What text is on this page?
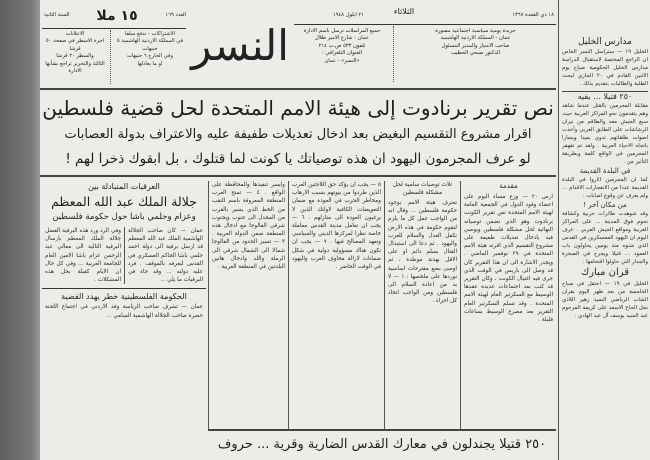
السنة الثانية	١٥ ملا	العدد ١٦٩
الاعلانات
اجرة الاسطر في صفحة ٥٠ قرشا
والسطر ٢٠ قرشا
الثالثة والتحرير تراجع بشأنها الادارة
الاشتراكات - تدفع سلفا
في المملكة الاردنية الهاشمية ٥ جنيهات
وفي الخارج ٦ جنيهات
او ما يعادلها النسر
٢١ ايلول ١٩٤٨	الثلاثاء	١٨ ذي القعدة ١٣٦٧
جميع المراسلات ترسل باسم الادارة
عمان : شارع الامير طلال
تلفون ٥٣٣ ص.ب ٢١٤
العنوان التلغرافي :
«النسر» - عمان
جريدة يومية سياسية اجتماعية مصورة
عمان - المملكة الاردنية الهاشمية
صاحب الامتياز والمدير المسئول
الدكتور صبحي الخطيب
نص تقرير برنادوت إلى هيئة الامم المتحدة لحل قضية فلسطين
اقرار مشروع التقسيم البغيض بعد ادخال تعديلات طفيفة عليه والاعتراف بدولة العصابات
لو عرف المجرمون اليهود ان هذه توصياتك يا كونت لما قتلوك ، بل ابقوك ذخرا لهم !
مقدمة
ارس ٢٠ — وزع مساء اليوم على اعضاء وفود الدول في الجمعية العامة لهيئة الامم المتحدة نص تقرير الكونت برنادوت وهو الذي تضمن توصياته النهائية لحل مشكلة فلسطين ويوصي فيه بادخال تعديلات طفيفة على مشروع التقسيم الذي اقرته هيئة الامم المتحدة في ٢٩ نوفمبر الماضي . ويجدر الاشارة الى ان هذا التقرير كان قد وصل الى باريس في الوقت الذي جرى فيه اغتيال الكونت ، وكان التقرير قد كتب بعد اجتماعات عديدة عقدها الوسيط مع السكرتير العام لهيئة الامم المتحدة . وقد تسلم السكرتير العام التقرير بعد مصرع الوسيط بساعات قليلة .
ثلاث توصيات سامية لحل مشكلة فلسطين
تعترف هيئة الامم بوجود حكومة فلسطين ... وقال انه من الواجب عمل كل ما يلزم لتقوم حكومة في هذه الارض تكفل العدل والسلام للعرب واليهود . ثم دعا الى استبدال القتال بسلم دائم او على الاقل بهدنة موطدة ، ثم اوصى بضع مقترحات اساسية نوردها على ملخصها : ١ — لا بد من اعادة السلام الى فلسطين ومن الواجب اتخاذ كل اجراء .
٥ — يجب ان يؤكد حق اللاجئين العرب الذين طردوا من بيوتهم بسبب الارهاب ومخاطر الحرب في العودة مع ضمان التعويضات الكافية لاولئك الذين لا يرغبون العودة الى منازلهم . ٦ — يجب ان تعامل مدينة القدس معاملة خاصة نظرا لمركزها الديني والسياسي وتعهد المصالح فيها . ٧ — يجب ان تكون هناك مسؤولية دولية في شكل ضمانات لازالة مخاوف العرب واليهود في الوقت الحاضر .
وايسر تنفيذها والمحافظة على الواقع . ٤ — تمنح العرب المنطقة المعروفة باسم النقب من الخط الذي يسير بالقرب من المجدل الى جنوب ويجنوب شرقي الفالوجا مع ادخال هذه المنطقة ضمن الدولة العربية . ٣ — تسير الحدود من الفالوجا شمالا الى الشمال شرقي الى الرملة واللد وادخال هاتين البلدتين في المنطقة العربية .
٢٥٠ قتيلا يجندلون في معارك القدس الضارية وقرية ... حروف
العرقيات المتبادلة بين
جلالة الملك عبد الله المعظم
وعزام وحلمي باشا حول حكومة فلسطين
عمان — كان صاحب الجلالة الهاشمية الملك عبد الله المعظم قد ارسل برقية الى دولة احمد حلمي باشا الحاكم العسكري في القدس ليعرفه بالموقف . فرد عليه دولته ... وقد جاء في البرقيات ما يلي ...
وفي الرد ورد هذه البرقية الفضل جلالة الملك المعظم بارسال البرقية التالية الى معالي عبد الرحمن عزام باشا الامين العام للجامعة العربية ... وفي كل حال ان الايام كفيلة بحل هذه المشكلات .
الحكومة الفلسطينية خطر يهدد القضية
عمان — تشرف صاحب الرياسة وفد الاردني في اجتماع اللجنة حضرة صاحب الجلالة الهاشمية السامي ...
مدارس الخليل
الخليل ١٩ — ستراسل النسر الخاص ان الراجع المختصة لاستقبال الدراسة مدارس الخليل الحكومية صباح يوم الاثنين القادم في ٢٠ الجاري ليحث الطلبة والطالبات بتقديم بذلك .
٢٥٠ قتيلا ... بقيه
مقابلة المجرمين بالقتل عندما شاهد وهم يتقدمون نحو المراكز العربية حيث سبع الجيش معه والطاقم من نيران الرشاشات على الطابق العربي وأخذت اصوات طلقاتهم تدوي يمينا ويسارا باتجاه الاحياء العربية . ولقد تم تقهقر المجرمين في الواقع كلمة وبطريقة التأثير من .
في البلدة القديمة
كما ان المجرمين اثاروا في البلدة القديمة عددا من الانفجارات الاقدام ... ولم يعرف عن وقوع اصابات .
من مكان آخر !
وقد شوهدت طائرات حربية وكشافة تحوم فوق المدينة ... على المراكز العربية ومواقع الجيش العربي . عرف اليوم ان اليهود المعسكرين في القدس الذي شنوه منذ يومين يحاولون باب العمود ... قتيلا ويجرح في الصخرة والجدار التي حاولوا اقتحامها .
قران مبارك
الخليل في ١٩ — احتفل في صباح الخامسة من بعد ظهر اليوم بقران الشاب الرياضي السيد زهير اللاذي نجل الحاج الاسعد على كريمة المرحوم عبد السيد يوسف آل عبد الهادي .
